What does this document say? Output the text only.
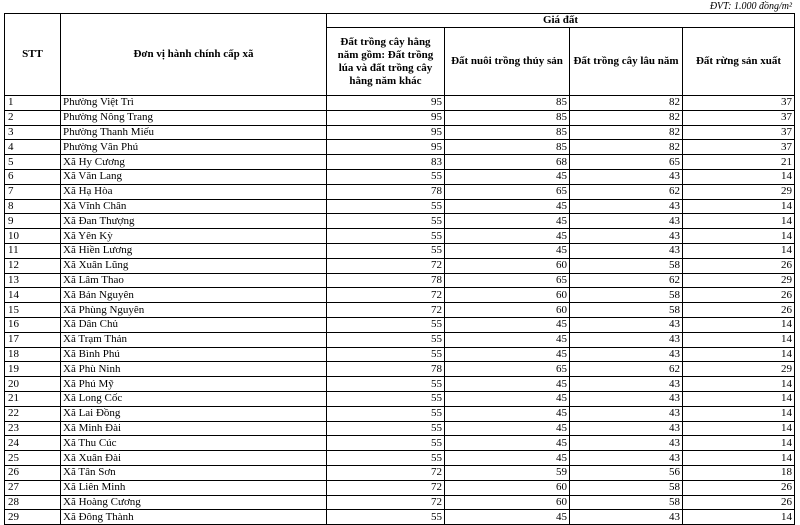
ĐVT: 1.000 đồng/m²
STT	Đơn vị hành chính cấp xã	Giá đất			
		Đất trồng cây hằng năm gồm: Đất trồng lúa và đất trồng cây hằng năm khác	Đất nuôi trồng thủy sản	Đất trồng cây lâu năm	Đất rừng sản xuất
1	Phường Việt Trì	95	85	82	37
2	Phường Nông Trang	95	85	82	37
3	Phường Thanh Miếu	95	85	82	37
4	Phường Vân Phú	95	85	82	37
5	Xã Hy Cương	83	68	65	21
6	Xã Văn Lang	55	45	43	14
7	Xã Hạ Hòa	78	65	62	29
8	Xã Vĩnh Chân	55	45	43	14
9	Xã Đan Thượng	55	45	43	14
10	Xã Yên Kỳ	55	45	43	14
11	Xã Hiền Lương	55	45	43	14
12	Xã Xuân Lũng	72	60	58	26
13	Xã Lâm Thao	78	65	62	29
14	Xã Bản Nguyên	72	60	58	26
15	Xã Phùng Nguyên	72	60	58	26
16	Xã Dân Chủ	55	45	43	14
17	Xã Trạm Thản	55	45	43	14
18	Xã Bình Phú	55	45	43	14
19	Xã Phù Ninh	78	65	62	29
20	Xã Phú Mỹ	55	45	43	14
21	Xã Long Cốc	55	45	43	14
22	Xã Lai Đồng	55	45	43	14
23	Xã Minh Đài	55	45	43	14
24	Xã Thu Cúc	55	45	43	14
25	Xã Xuân Đài	55	45	43	14
26	Xã Tân Sơn	72	59	56	18
27	Xã Liên Minh	72	60	58	26
28	Xã Hoàng Cương	72	60	58	26
29	Xã Đông Thành	55	45	43	14
